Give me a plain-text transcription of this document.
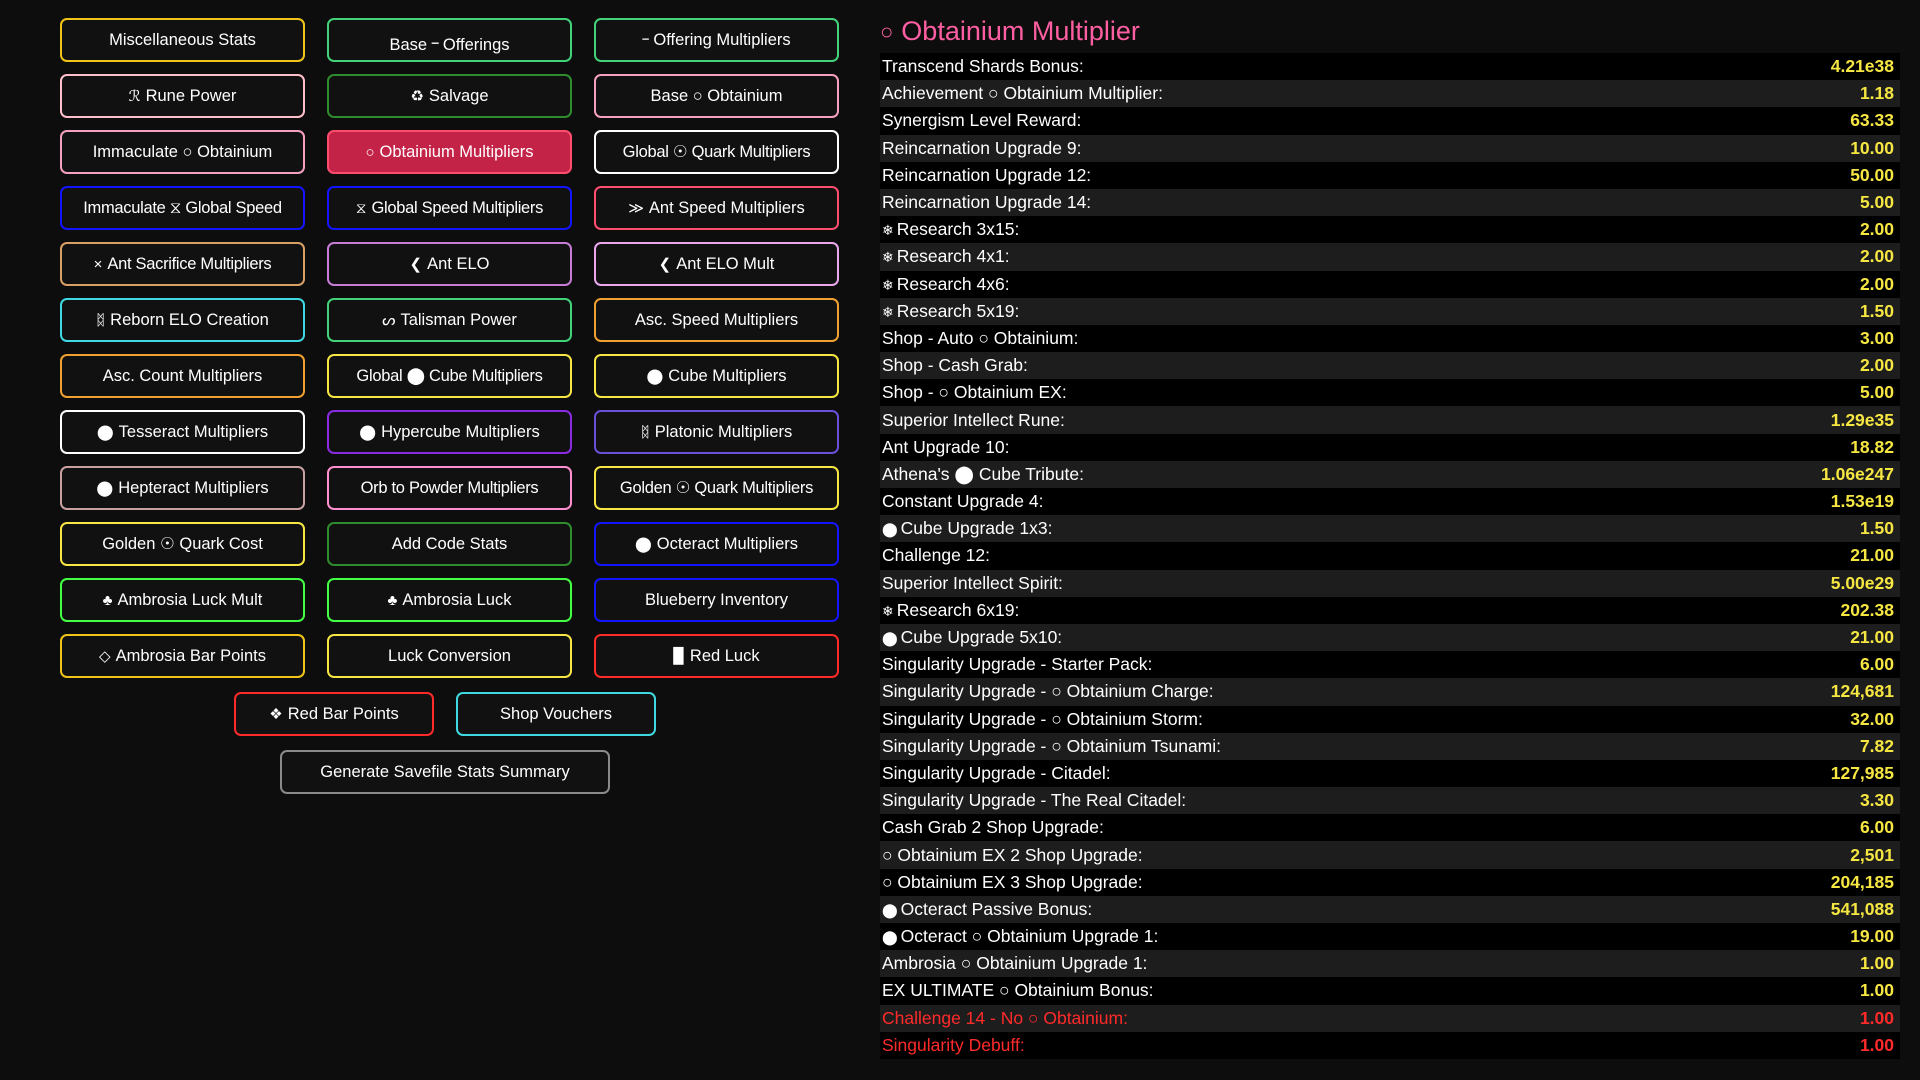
Miscellaneous Stats	Base ᠆ Offerings	᠆ Offering Multipliers
ℛ Rune Power	♻ Salvage	Base ○ Obtainium
Immaculate ○ Obtainium	○ Obtainium Multipliers	Global ☉ Quark Multipliers
Immaculate ⧖ Global Speed	⧖ Global Speed Multipliers	≫ Ant Speed Multipliers
× Ant Sacrifice Multipliers	❮ Ant ELO	❮ Ant ELO Mult
ᛥ Reborn ELO Creation	ᔕ Talisman Power	Asc. Speed Multipliers
Asc. Count Multipliers	Global ⬤ Cube Multipliers	⬤ Cube Multipliers
⬤ Tesseract Multipliers	⬤ Hypercube Multipliers	ᛥ Platonic Multipliers
⬤ Hepteract Multipliers	Orb to Powder Multipliers	Golden ☉ Quark Multipliers
Golden ☉ Quark Cost	Add Code Stats	⬤ Octeract Multipliers
♣ Ambrosia Luck Mult	♣ Ambrosia Luck	Blueberry Inventory
◇ Ambrosia Bar Points	Luck Conversion	▉ Red Luck
❖ Red Bar Points	Shop Vouchers
Generate Savefile Stats Summary
○ Obtainium Multiplier
Transcend Shards Bonus:	4.21e38
Achievement ○ Obtainium Multiplier:	1.18
Synergism Level Reward:	63.33
Reincarnation Upgrade 9:	10.00
Reincarnation Upgrade 12:	50.00
Reincarnation Upgrade 14:	5.00
❄ Research 3x15:	2.00
❄ Research 4x1:	2.00
❄ Research 4x6:	2.00
❄ Research 5x19:	1.50
Shop - Auto ○ Obtainium:	3.00
Shop - Cash Grab:	2.00
Shop - ○ Obtainium EX:	5.00
Superior Intellect Rune:	1.29e35
Ant Upgrade 10:	18.82
Athena's ⬤ Cube Tribute:	1.06e247
Constant Upgrade 4:	1.53e19
⬤ Cube Upgrade 1x3:	1.50
Challenge 12:	21.00
Superior Intellect Spirit:	5.00e29
❄ Research 6x19:	202.38
⬤ Cube Upgrade 5x10:	21.00
Singularity Upgrade - Starter Pack:	6.00
Singularity Upgrade - ○ Obtainium Charge:	124,681
Singularity Upgrade - ○ Obtainium Storm:	32.00
Singularity Upgrade - ○ Obtainium Tsunami:	7.82
Singularity Upgrade - Citadel:	127,985
Singularity Upgrade - The Real Citadel:	3.30
Cash Grab 2 Shop Upgrade:	6.00
○ Obtainium EX 2 Shop Upgrade:	2,501
○ Obtainium EX 3 Shop Upgrade:	204,185
⬤ Octeract Passive Bonus:	541,088
⬤ Octeract ○ Obtainium Upgrade 1:	19.00
Ambrosia ○ Obtainium Upgrade 1:	1.00
EX ULTIMATE ○ Obtainium Bonus:	1.00
Challenge 14 - No ○ Obtainium:	1.00
Singularity Debuff:	1.00
